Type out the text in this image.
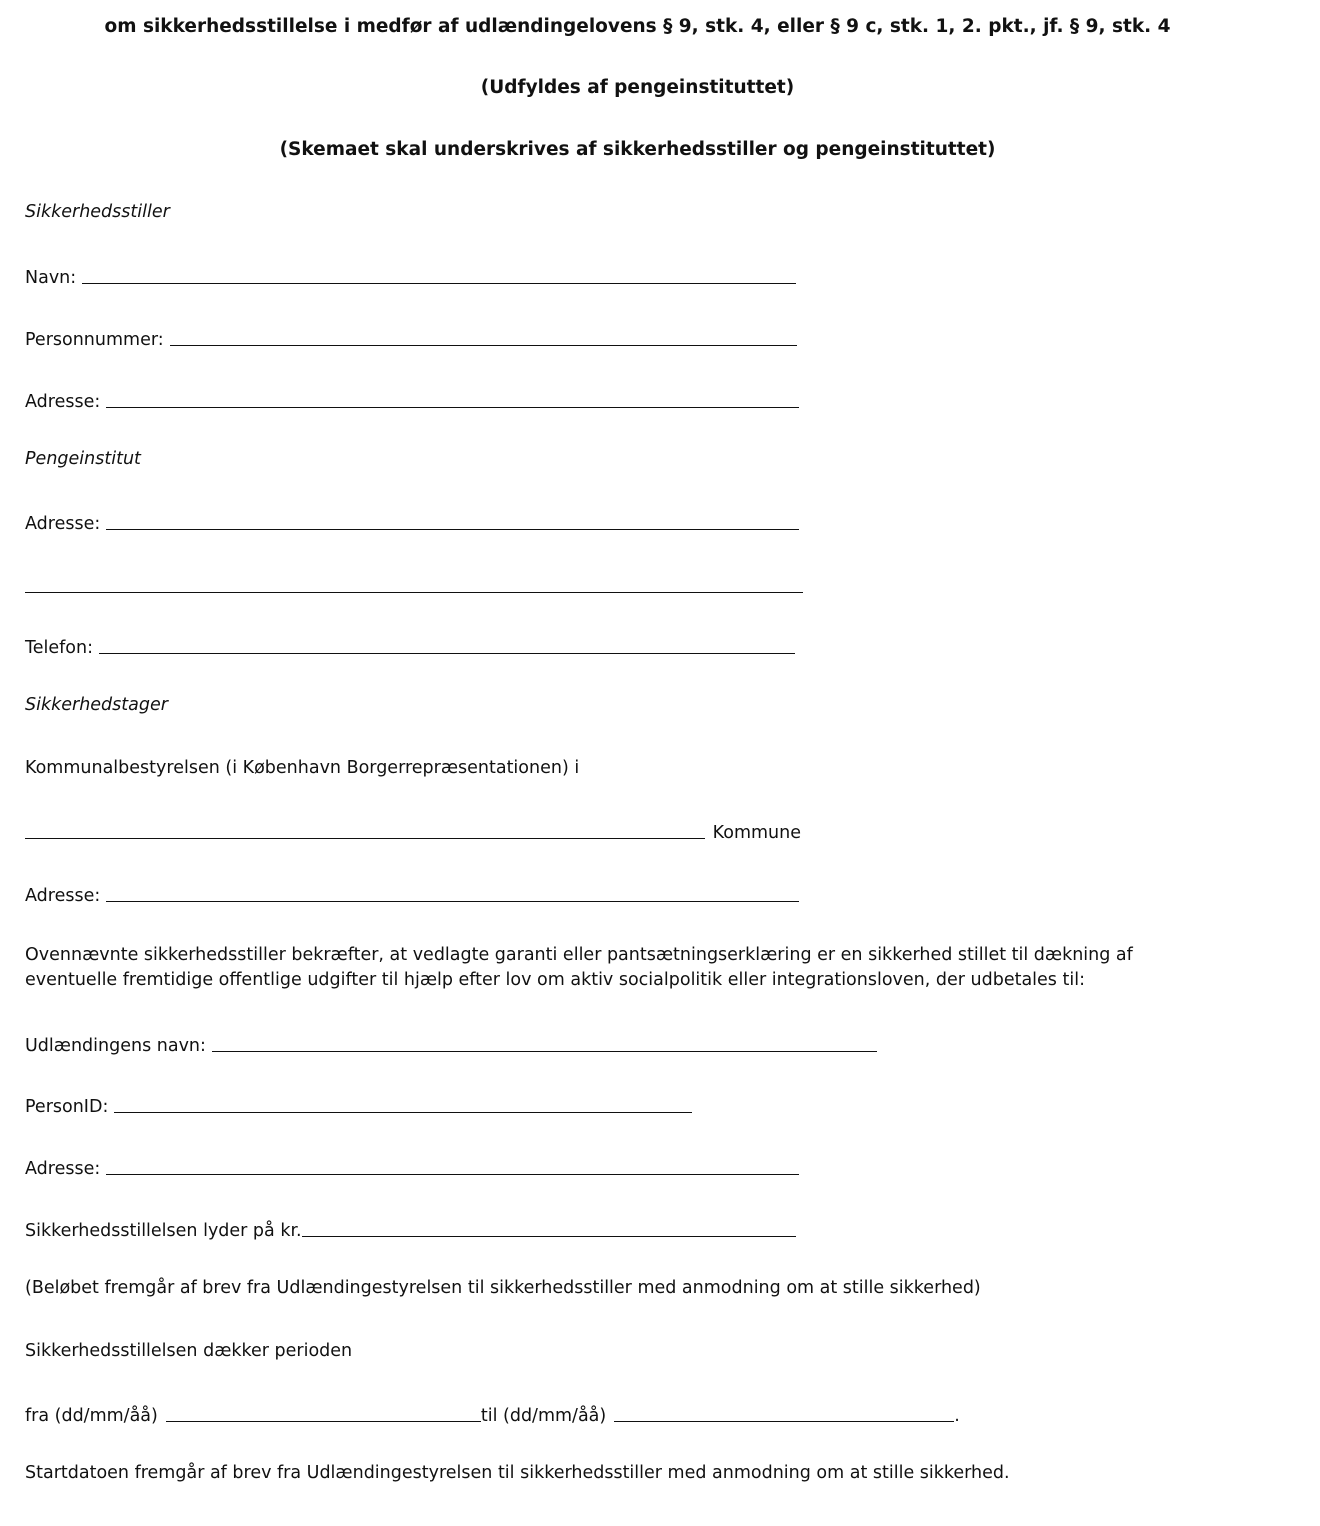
om sikkerhedsstillelse i medfør af udlændingelovens § 9, stk. 4, eller § 9 c, stk. 1, 2. pkt., jf. § 9, stk. 4
(Udfyldes af pengeinstituttet)
(Skemaet skal underskrives af sikkerhedsstiller og pengeinstituttet)
Sikkerhedsstiller
Navn:
Personnummer:
Adresse:
Pengeinstitut
Adresse:
Telefon:
Sikkerhedstager
Kommunalbestyrelsen (i København Borgerrepræsentationen) i
Kommune
Adresse:
Ovennævnte sikkerhedsstiller bekræfter, at vedlagte garanti eller pantsætningserklæring er en sikkerhed stillet til dækning af
eventuelle fremtidige offentlige udgifter til hjælp efter lov om aktiv socialpolitik eller integrationsloven, der udbetales til:
Udlændingens navn:
PersonID:
Adresse:
Sikkerhedsstillelsen lyder på kr.
(Beløbet fremgår af brev fra Udlændingestyrelsen til sikkerhedsstiller med anmodning om at stille sikkerhed)
Sikkerhedsstillelsen dækker perioden
fra (dd/mm/åå)	til (dd/mm/åå)	.
Startdatoen fremgår af brev fra Udlændingestyrelsen til sikkerhedsstiller med anmodning om at stille sikkerhed.
